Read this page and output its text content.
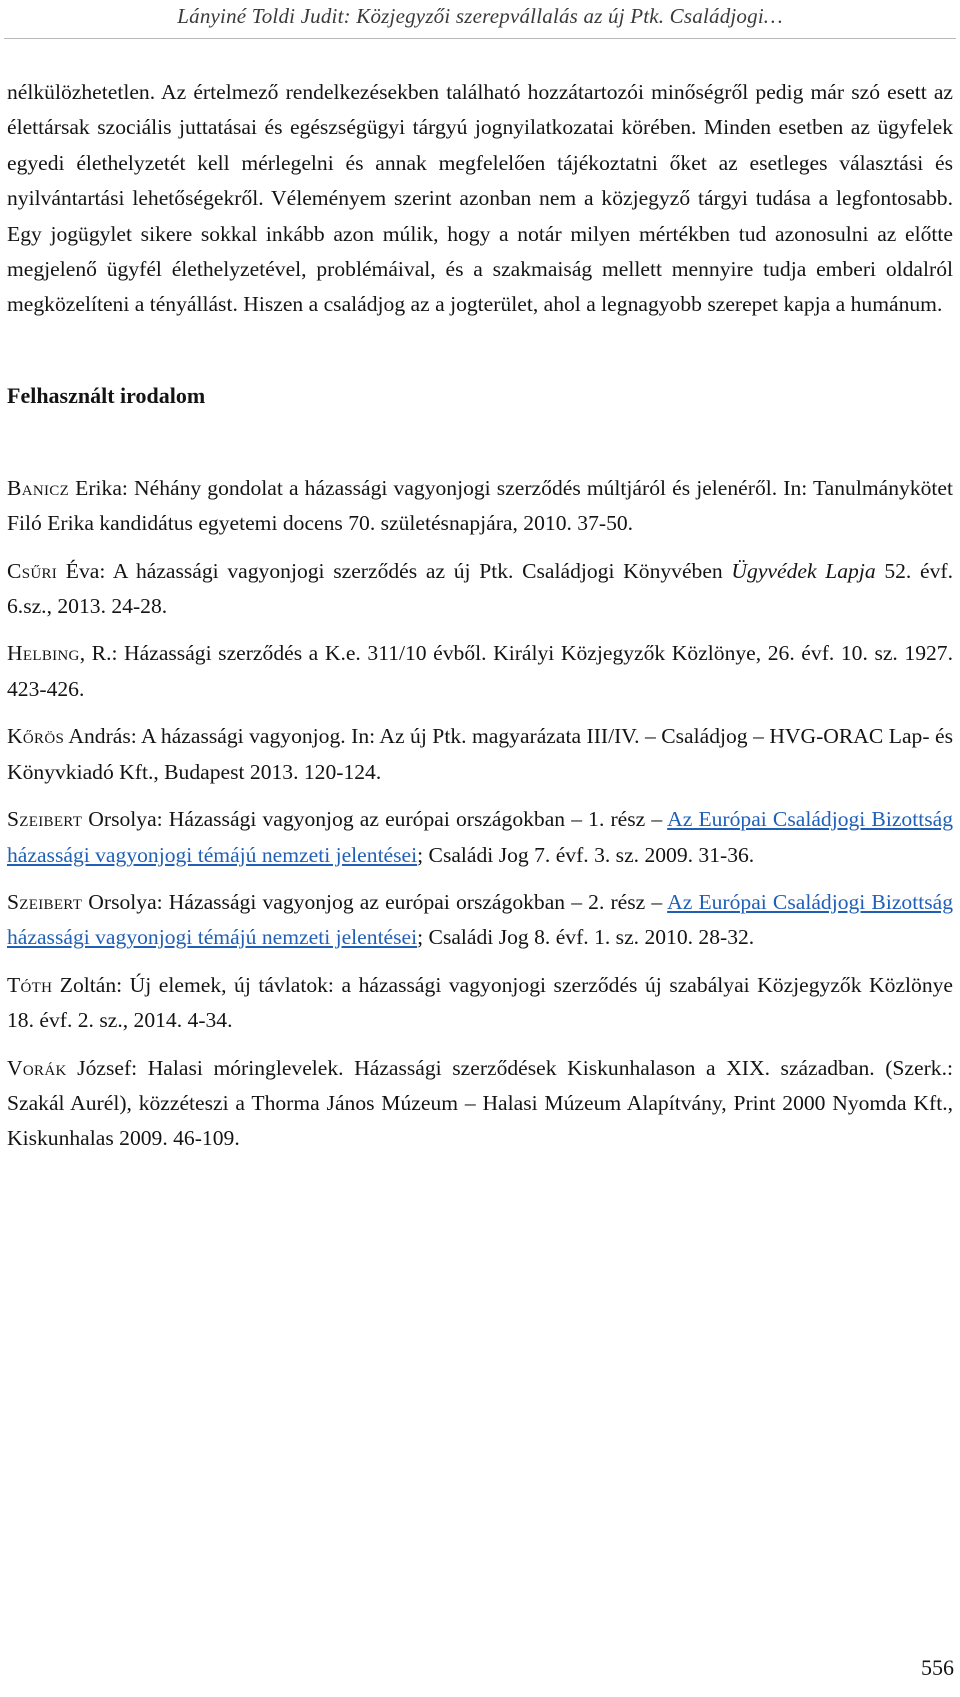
Lányiné Toldi Judit: Közjegyzői szerepvállalás az új Ptk. Családjogi…

nélkülözhetetlen. Az értelmező rendelkezésekben található hozzátartozói minőségről pedig már szó esett az élettársak szociális juttatásai és egészségügyi tárgyú jognyilatkozatai körében. Minden esetben az ügyfelek egyedi élethelyzetét kell mérlegelni és annak megfelelően tájékoztatni őket az esetleges választási és nyilvántartási lehetőségekről. Véleményem szerint azonban nem a közjegyző tárgyi tudása a legfontosabb. Egy jogügylet sikere sokkal inkább azon múlik, hogy a notár milyen mértékben tud azonosulni az előtte megjelenő ügyfél élethelyzetével, problémáival, és a szakmaiság mellett mennyire tudja emberi oldalról megközelíteni a tényállást. Hiszen a családjog az a jogterület, ahol a legnagyobb szerepet kapja a humánum.

Felhasznált irodalom

Banicz Erika: Néhány gondolat a házassági vagyonjogi szerződés múltjáról és jelenéről. In: Tanulmánykötet Filó Erika kandidátus egyetemi docens 70. születésnapjára, 2010. 37-50.

Csűri Éva: A házassági vagyonjogi szerződés az új Ptk. Családjogi Könyvében Ügyvédek Lapja 52. évf. 6.sz., 2013. 24-28.

Helbing, R.: Házassági szerződés a K.e. 311/10 évből. Királyi Közjegyzők Közlönye, 26. évf. 10. sz. 1927. 423-426.

Kőrös András: A házassági vagyonjog. In: Az új Ptk. magyarázata III/IV. – Családjog – HVG-ORAC Lap- és Könyvkiadó Kft., Budapest 2013. 120-124.

Szeibert Orsolya: Házassági vagyonjog az európai országokban – 1. rész – Az Európai Családjogi Bizottság házassági vagyonjogi témájú nemzeti jelentései; Családi Jog 7. évf. 3. sz. 2009. 31-36.

Szeibert Orsolya: Házassági vagyonjog az európai országokban – 2. rész – Az Európai Családjogi Bizottság házassági vagyonjogi témájú nemzeti jelentései; Családi Jog 8. évf. 1. sz. 2010. 28-32.

Tóth Zoltán: Új elemek, új távlatok: a házassági vagyonjogi szerződés új szabályai Közjegyzők Közlönye 18. évf. 2. sz., 2014. 4-34.

Vorák József: Halasi móringlevelek. Házassági szerződések Kiskunhalason a XIX. században. (Szerk.: Szakál Aurél), közzéteszi a Thorma János Múzeum – Halasi Múzeum Alapítvány, Print 2000 Nyomda Kft., Kiskunhalas 2009. 46-109.

556
